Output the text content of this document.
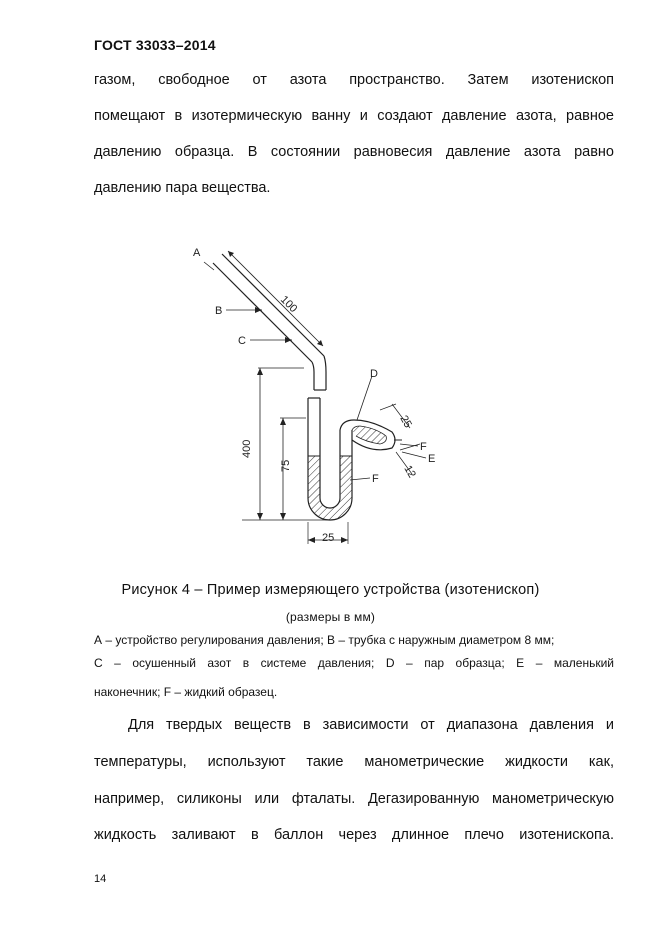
ГОСТ 33033–2014
газом, свободное от азота пространство. Затем изотенископ
помещают в изотермическую ванну и создают давление азота, равное
давлению образца. В состоянии равновесия давление азота равно
давлению пара вещества.
100
400
75
25
25
12
A
B
C
D
F
E
F
Рисунок 4 – Пример измеряющего устройства (изотенископ)
(размеры в мм)
А – устройство регулирования давления; В – трубка с наружным диаметром 8 мм;
С – осушенный азот в системе давления; D – пар образца; Е – маленький
наконечник; F – жидкий образец.
Для твердых веществ в зависимости от диапазона давления и
температуры, используют такие манометрические жидкости как,
например, силиконы или фталаты. Дегазированную манометрическую
жидкость заливают в баллон через длинное плечо изотенископа.
14
